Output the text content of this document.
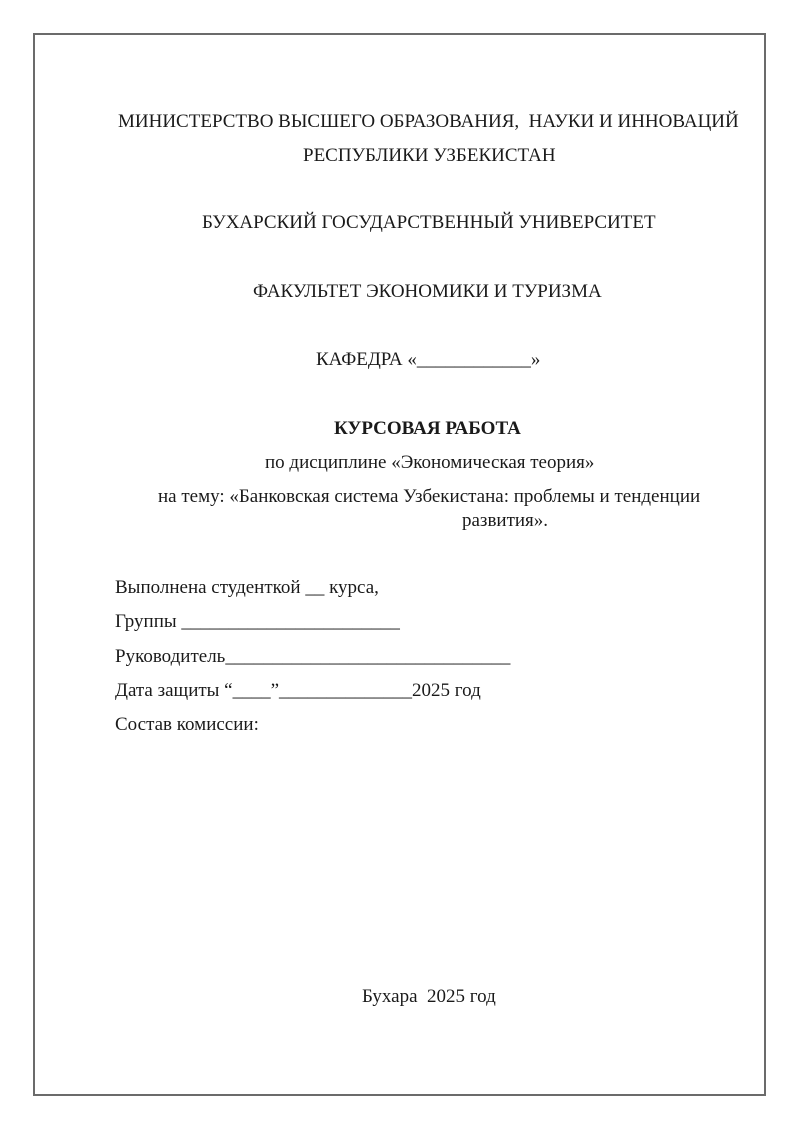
МИНИСТЕРСТВО ВЫСШЕГО ОБРАЗОВАНИЯ,  НАУКИ И ИННОВАЦИЙ
РЕСПУБЛИКИ УЗБЕКИСТАН
БУХАРСКИЙ ГОСУДАРСТВЕННЫЙ УНИВЕРСИТЕТ
ФАКУЛЬТЕТ ЭКОНОМИКИ И ТУРИЗМА
КАФЕДРА «____________»
КУРСОВАЯ РАБОТА
по дисциплине «Экономическая теория»
на тему: «Банковская система Узбекистана: проблемы и тенденции
развития».
Выполнена студенткой __ курса,
Группы _______________________
Руководитель______________________________
Дата защиты “____”______________2025 год
Состав комиссии:
Бухара  2025 год
